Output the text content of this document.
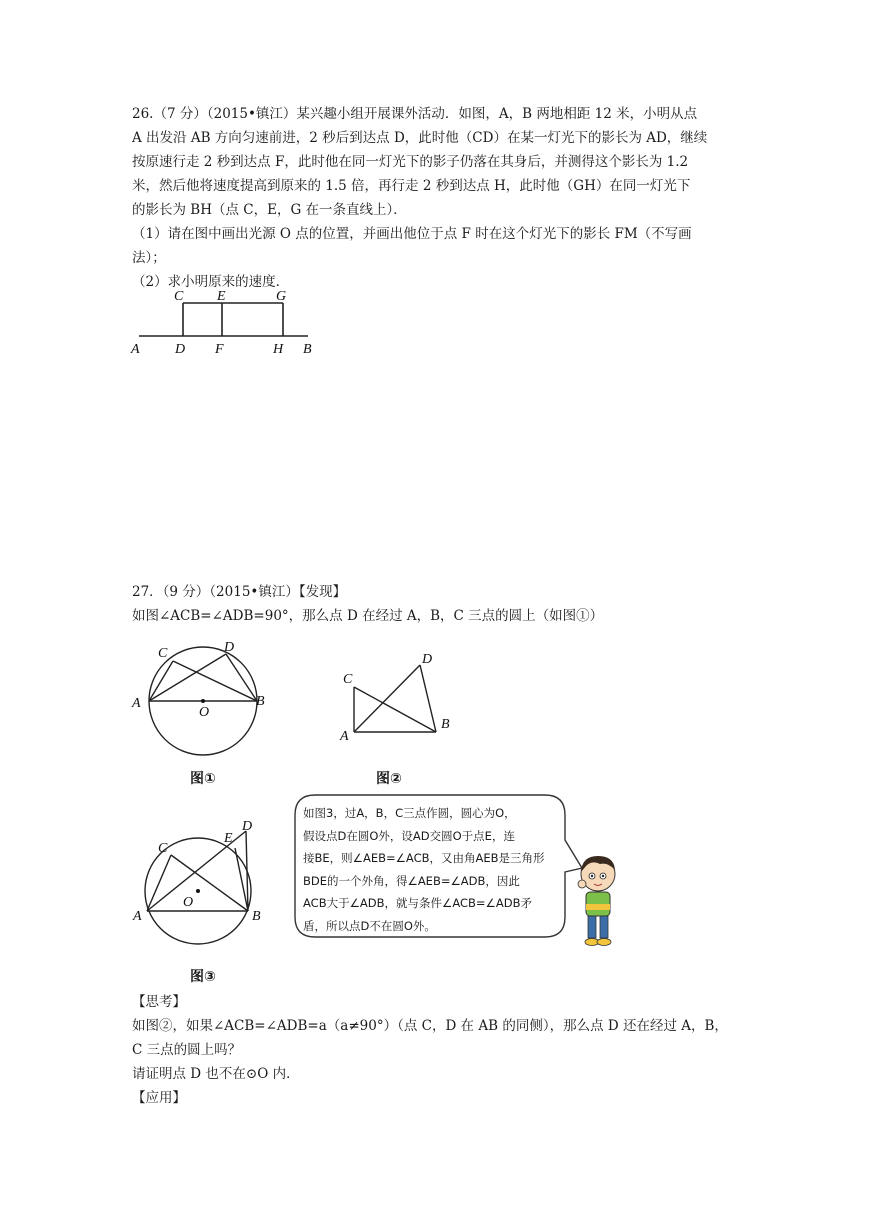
26.（7 分）（2015•镇江）某兴趣小组开展课外活动．如图，A，B 两地相距 12 米，小明从点
A 出发沿 AB 方向匀速前进，2 秒后到达点 D，此时他（CD）在某一灯光下的影长为 AD，继续
按原速行走 2 秒到达点 F，此时他在同一灯光下的影子仍落在其身后，并测得这个影长为 1.2
米，然后他将速度提高到原来的 1.5 倍，再行走 2 秒到达点 H，此时他（GH）在同一灯光下
的影长为 BH（点 C，E，G 在一条直线上）．
（1）请在图中画出光源 O 点的位置，并画出他位于点 F 时在这个灯光下的影长 FM（不写画
法）；
（2）求小明原来的速度．
C E	G
A	D F	H B
27．（9 分）（2015•镇江）【发现】
如图∠ACB=∠ADB=90°，那么点 D 在经过 A，B，C 三点的圆上（如图①）
C	D
A
O
B
图①
C
D
A
B
图②
C
E
D
A
O
B
图③
如图3，过A，B，C三点作圆，圆心为O，
假设点D在圆O外，设AD交圆O于点E，连
接BE，则∠AEB=∠ACB，又由角AEB是三角形
BDE的一个外角，得∠AEB=∠ADB，因此
ACB大于∠ADB，就与条件∠ACB=∠ADB矛
盾，所以点D不在圆O外。
【思考】
如图②，如果∠ACB=∠ADB=a（a≠90°）（点 C，D 在 AB 的同侧），那么点 D 还在经过 A，B，
C 三点的圆上吗？
请证明点 D 也不在⊙O 内．
【应用】
